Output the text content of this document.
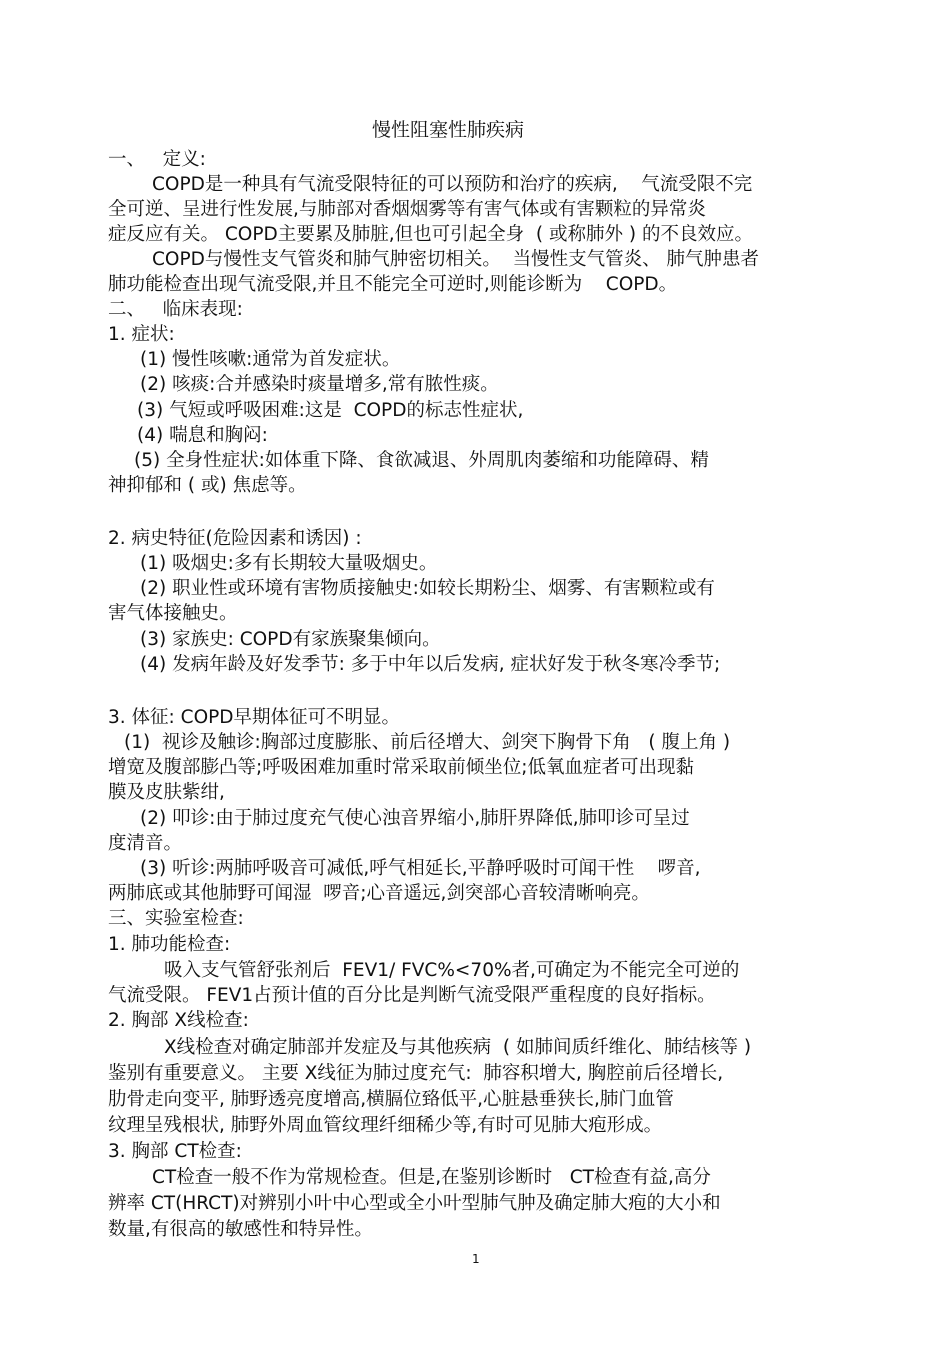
慢性阻塞性肺疾病
一、   定义:
COPD是一种具有气流受限特征的可以预防和治疗的疾病,    气流受限不完
全可逆、呈进行性发展,与肺部对香烟烟雾等有害气体或有害颗粒的异常炎
症反应有关。 COPD主要累及肺脏,但也可引起全身  ( 或称肺外 ) 的不良效应。
COPD与慢性支气管炎和肺气肿密切相关。  当慢性支气管炎、 肺气肿患者
肺功能检查出现气流受限,并且不能完全可逆时,则能诊断为    COPD。
二、   临床表现:
1. 症状:
(1) 慢性咳嗽:通常为首发症状。
(2) 咳痰:合并感染时痰量增多,常有脓性痰。
(3) 气短或呼吸困难:这是  COPD的标志性症状,
(4) 喘息和胸闷:
(5) 全身性症状:如体重下降、食欲减退、外周肌肉萎缩和功能障碍、精
神抑郁和 ( 或) 焦虑等。
2. 病史特征(危险因素和诱因) :
(1) 吸烟史:多有长期较大量吸烟史。
(2) 职业性或环境有害物质接触史:如较长期粉尘、烟雾、有害颗粒或有
害气体接触史。
(3) 家族史: COPD有家族聚集倾向。
(4) 发病年龄及好发季节: 多于中年以后发病, 症状好发于秋冬寒冷季节;
3. 体征: COPD早期体征可不明显。
(1)  视诊及触诊:胸部过度膨胀、前后径增大、剑突下胸骨下角   ( 腹上角 )
增宽及腹部膨凸等;呼吸困难加重时常采取前倾坐位;低氧血症者可出现黏
膜及皮肤紫绀,
(2) 叩诊:由于肺过度充气使心浊音界缩小,肺肝界降低,肺叩诊可呈过
度清音。
(3) 听诊:两肺呼吸音可减低,呼气相延长,平静呼吸时可闻干性    啰音,
两肺底或其他肺野可闻湿  啰音;心音遥远,剑突部心音较清晰响亮。
三、实验室检查:
1. 肺功能检查:
吸入支气管舒张剂后  FEV1/ FVC%<70%者,可确定为不能完全可逆的
气流受限。 FEV1占预计值的百分比是判断气流受限严重程度的良好指标。
2. 胸部 X线检查:
X线检查对确定肺部并发症及与其他疾病  ( 如肺间质纤维化、肺结核等 )
鉴别有重要意义。 主要 X线征为肺过度充气:  肺容积增大, 胸腔前后径增长,
肋骨走向变平, 肺野透亮度增高,横膈位臵低平,心脏悬垂狭长,肺门血管
纹理呈残根状, 肺野外周血管纹理纤细稀少等,有时可见肺大疱形成。
3. 胸部 CT检查:
CT检查一般不作为常规检查。但是,在鉴别诊断时   CT检查有益,高分
辨率 CT(HRCT)对辨别小叶中心型或全小叶型肺气肿及确定肺大疱的大小和
数量,有很高的敏感性和特异性。
1
